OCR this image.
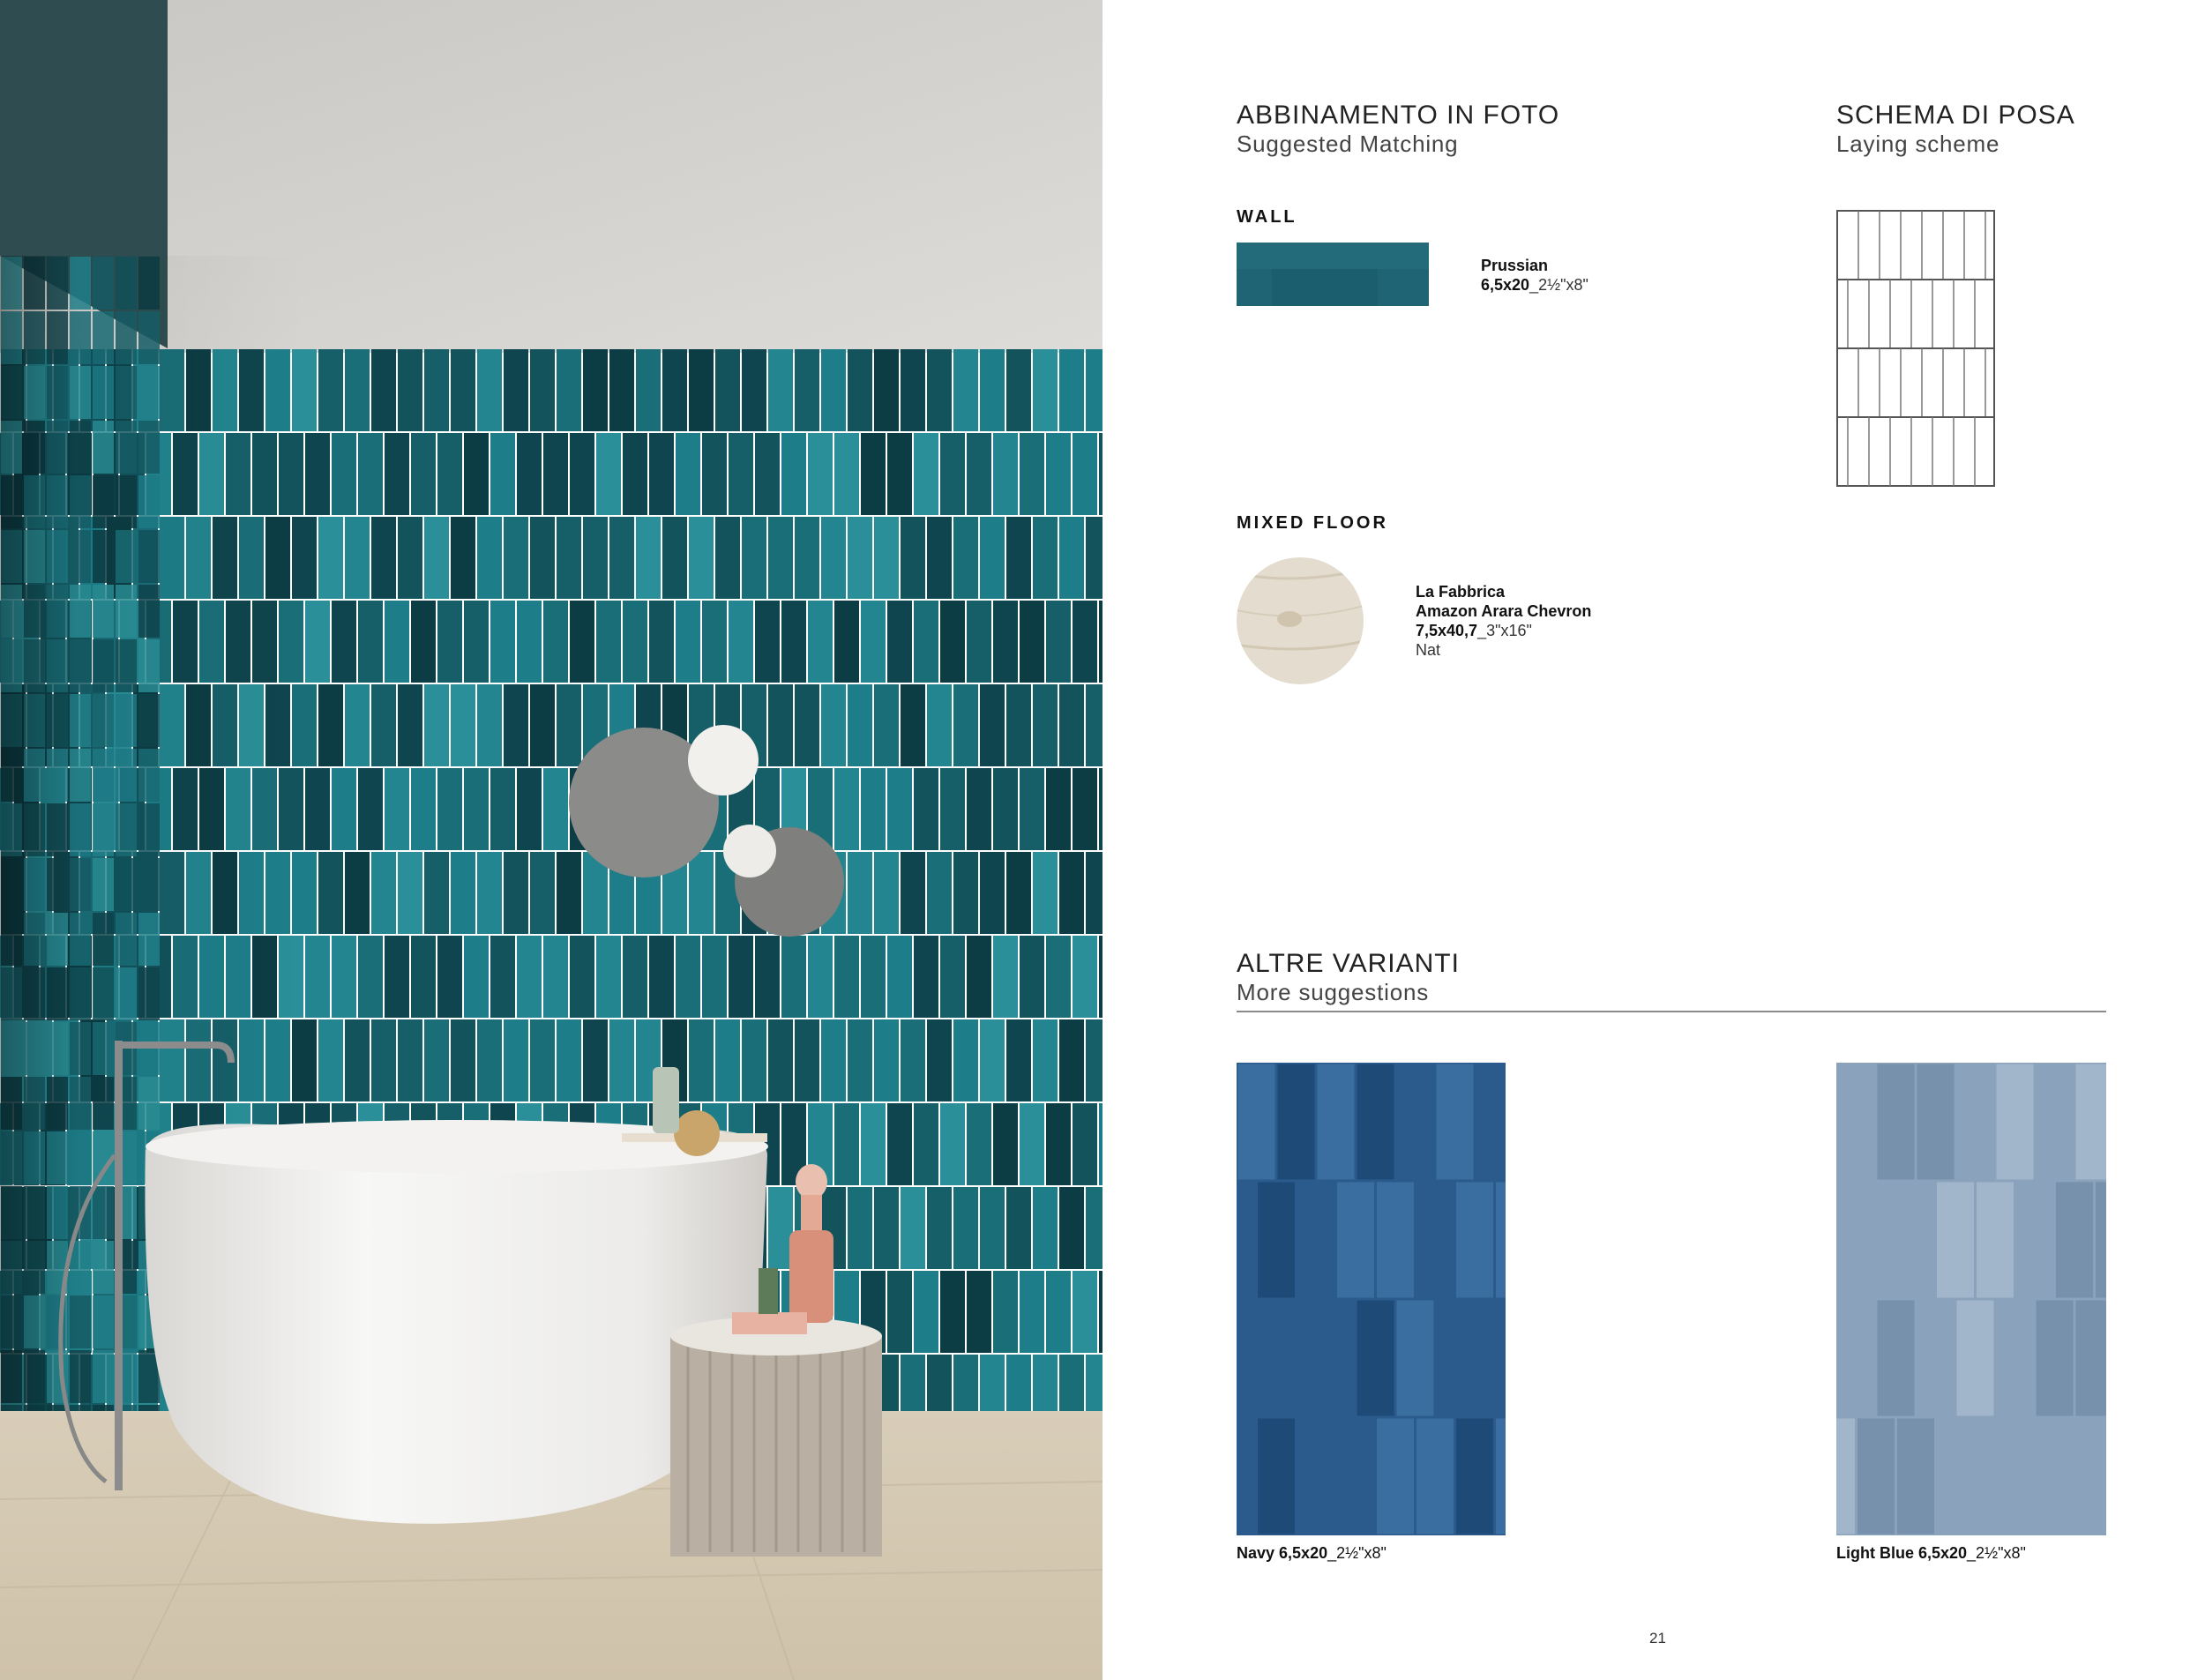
ABBINAMENTO IN FOTO
Suggested Matching
SCHEMA DI POSA
Laying scheme
WALL
Prussian
6,5x20_2½"x8"
MIXED FLOOR
La Fabbrica
Amazon Arara Chevron
7,5x40,7_3"x16"
Nat
ALTRE VARIANTI
More suggestions
Navy 6,5x20_2½"x8"	Light Blue 6,5x20_2½"x8"
21
